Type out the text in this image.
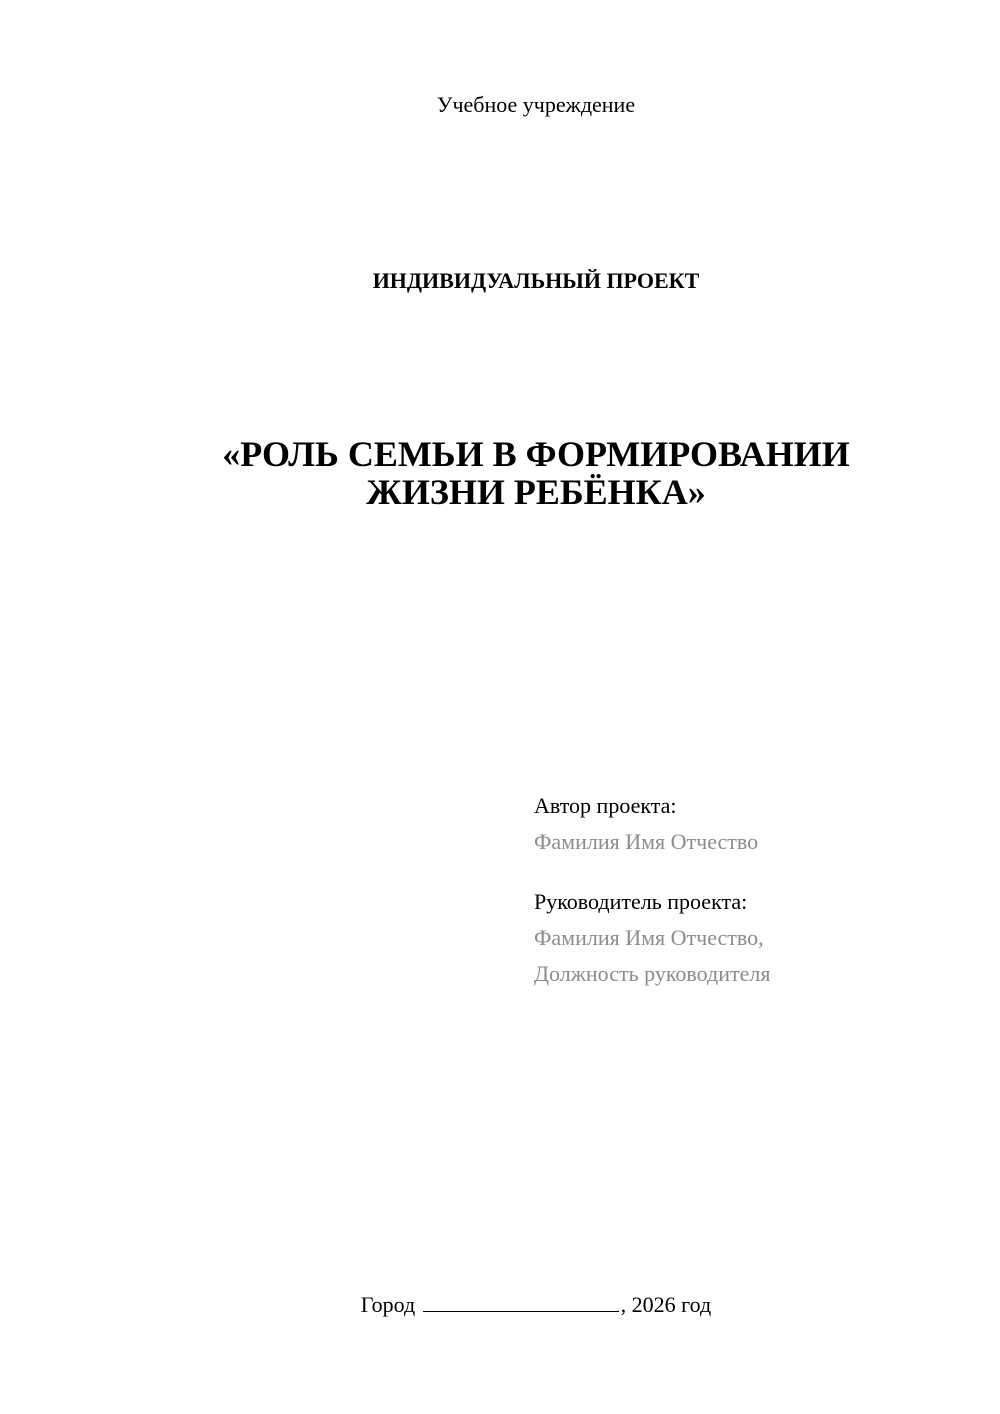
Учебное учреждение
ИНДИВИДУАЛЬНЫЙ ПРОЕКТ
«РОЛЬ СЕМЬИ В ФОРМИРОВАНИИ
ЖИЗНИ РЕБЁНКА»
Автор проекта:
Фамилия Имя Отчество
Руководитель проекта:
Фамилия Имя Отчество,
Должность руководителя
Город	, 2026 год
